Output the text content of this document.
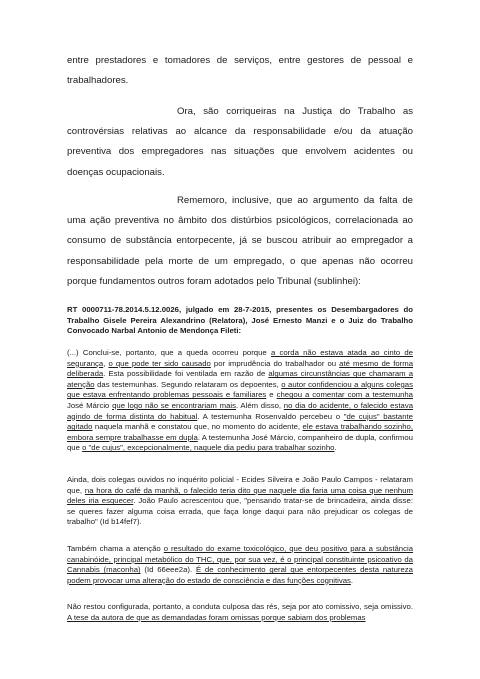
entre prestadores e tomadores de serviços, entre gestores de pessoal e trabalhadores.

Ora, são corriqueiras na Justiça do Trabalho as controvérsias relativas ao alcance da responsabilidade e/ou da atuação preventiva dos empregadores nas situações que envolvem acidentes ou doenças ocupacionais.

Rememoro, inclusive, que ao argumento da falta de uma ação preventiva no âmbito dos distúrbios psicológicos, correlacionada ao consumo de substância entorpecente, já se buscou atribuir ao empregador a responsabilidade pela morte de um empregado, o que apenas não ocorreu porque fundamentos outros foram adotados pelo Tribunal (sublinhei):

RT 0000711-78.2014.5.12.0026, julgado em 28-7-2015, presentes os Desembargadores do Trabalho Gisele Pereira Alexandrino (Relatora), José Ernesto Manzi e o Juiz do Trabalho Convocado Narbal Antonio de Mendonça Fileti:

(...) Conclui-se, portanto, que a queda ocorreu porque a corda não estava atada ao cinto de segurança, o que pode ter sido causado por imprudência do trabalhador ou até mesmo de forma deliberada. Esta possibilidade foi ventilada em razão de algumas circunstâncias que chamaram a atenção das testemunhas. Segundo relataram os depoentes, o autor confidenciou a alguns colegas que estava enfrentando problemas pessoais e familiares e chegou a comentar com a testemunha José Márcio que logo não se encontrariam mais. Além disso, no dia do acidente, o falecido estava agindo de forma distinta do habitual. A testemunha Rosenvaldo percebeu o "de cujus" bastante agitado naquela manhã e constatou que, no momento do acidente, ele estava trabalhando sozinho, embora sempre trabalhasse em dupla. A testemunha José Márcio, companheiro de dupla, confirmou que o "de cujus", excepcionalmente, naquele dia pediu para trabalhar sozinho.

Ainda, dois colegas ouvidos no inquérito policial - Ecides Silveira e João Paulo Campos - relataram que, na hora do café da manhã, o falecido teria dito que naquele dia faria uma coisa que nenhum deles iria esquecer. João Paulo acrescentou que, "pensando tratar-se de brincadeira, ainda disse: se queres fazer alguma coisa errada, que faça longe daqui para não prejudicar os colegas de trabalho" (Id b14fef7).

Também chama a atenção o resultado do exame toxicológico, que deu positivo para a substância canabinóide, principal metabólico do THC, que, por sua vez, é o principal constituinte psicoativo da Cannabis (maconha) (Id 66eee2a). É de conhecimento geral que entorpecentes desta natureza podem provocar uma alteração do estado de consciência e das funções cognitivas.

Não restou configurada, portanto, a conduta culposa das rés, seja por ato comissivo, seja omissivo. A tese da autora de que as demandadas foram omissas porque sabiam dos problemas
